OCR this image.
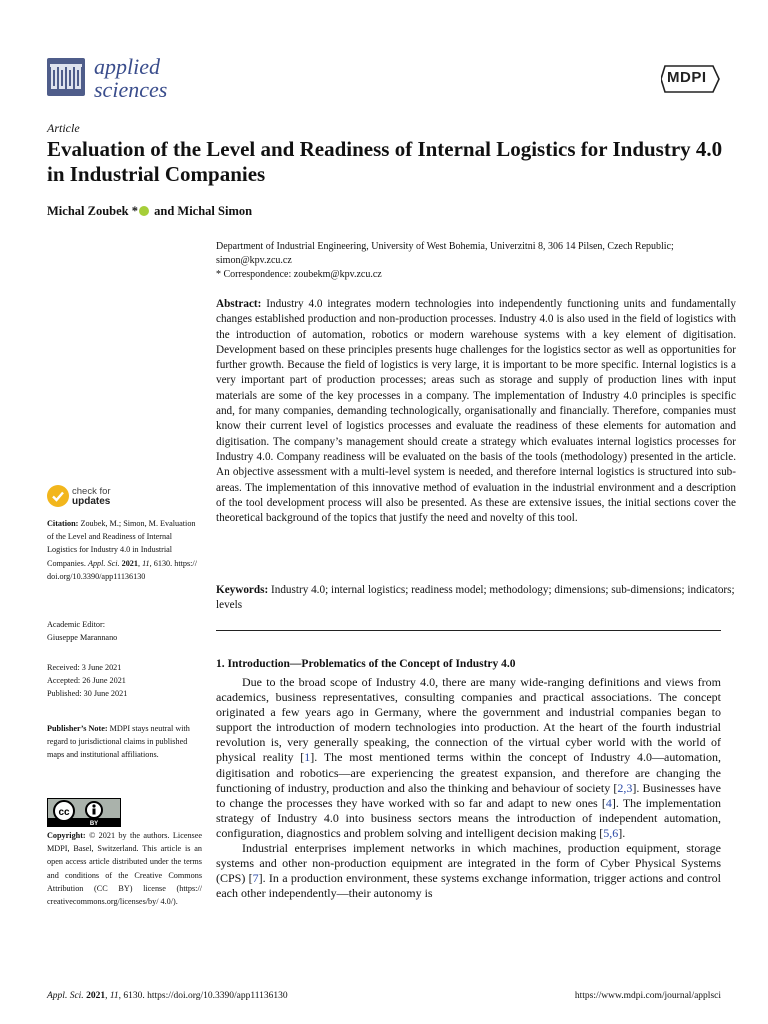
applied
sciences	MDPI
Article
Evaluation of the Level and Readiness of Internal Logistics for Industry 4.0 in Industrial Companies
Michal Zoubek * and Michal Simon
Department of Industrial Engineering, University of West Bohemia, Univerzitni 8, 306 14 Pilsen, Czech Republic;
simon@kpv.zcu.cz
* Correspondence: zoubekm@kpv.zcu.cz
Abstract: Industry 4.0 integrates modern technologies into independently functioning units and fundamentally changes established production and non-production processes. Industry 4.0 is also used in the field of logistics with the introduction of automation, robotics or modern warehouse systems with a key element of digitisation. Development based on these principles presents huge challenges for the logistics sector as well as opportunities for further growth. Because the field of logistics is very large, it is important to be more specific. Internal logistics is a very important part of production processes; areas such as storage and supply of production lines with input materials are some of the key processes in a company. The implementation of Industry 4.0 principles is specific and, for many companies, demanding technologically, organisationally and financially. Therefore, companies must know their current level of logistics processes and evaluate the readiness of these elements for automation and digitisation. The company’s management should create a strategy which evaluates internal logistics processes for Industry 4.0. Company readiness will be evaluated on the basis of the tools (methodology) presented in the article. An objective assessment with a multi-level system is needed, and therefore internal logistics is structured into sub-areas. The implementation of this innovative method of evaluation in the industrial environment and a description of the tool development process will also be presented. As these are extensive issues, the initial sections cover the theoretical background of the topics that justify the need and novelty of this tool.
Keywords: Industry 4.0; internal logistics; readiness model; methodology; dimensions; sub-dimensions; indicators; levels
check for
updates
Citation: Zoubek, M.; Simon, M. Evaluation of the Level and Readiness of Internal Logistics for Industry 4.0 in Industrial Companies. Appl. Sci. 2021, 11, 6130. https:// doi.org/10.3390/app11136130
Academic Editor:
Giuseppe Marannano
Received: 3 June 2021
Accepted: 26 June 2021
Published: 30 June 2021
Publisher’s Note: MDPI stays neutral with regard to jurisdictional claims in published maps and institutional affiliations.
cc
BY
Copyright: © 2021 by the authors. Licensee MDPI, Basel, Switzerland. This article is an open access article distributed under the terms and conditions of the Creative Commons Attribution (CC BY) license (https:// creativecommons.org/licenses/by/ 4.0/).
1. Introduction—Problematics of the Concept of Industry 4.0

Due to the broad scope of Industry 4.0, there are many wide-ranging definitions and views from academics, business representatives, consulting companies and practical associations. The concept originated a few years ago in Germany, where the government and industrial companies began to support the introduction of modern technologies into production. At the heart of the fourth industrial revolution is, very generally speaking, the connection of the virtual cyber world with the world of physical reality [1]. The most mentioned terms within the concept of Industry 4.0—automation, digitisation and robotics—are experiencing the greatest expansion, and therefore are changing the functioning of industry, production and also the thinking and behaviour of society [2,3]. Businesses have to change the processes they have worked with so far and adapt to new ones [4]. The implementation strategy of Industry 4.0 into business sectors means the introduction of independent automation, configuration, diagnostics and problem solving and intelligent decision making [5,6].

Industrial enterprises implement networks in which machines, production equipment, storage systems and other non-production equipment are integrated in the form of Cyber Physical Systems (CPS) [7]. In a production environment, these systems exchange information, trigger actions and control each other independently—their autonomy is

Appl. Sci. 2021, 11, 6130. https://doi.org/10.3390/app11136130	https://www.mdpi.com/journal/applsci
